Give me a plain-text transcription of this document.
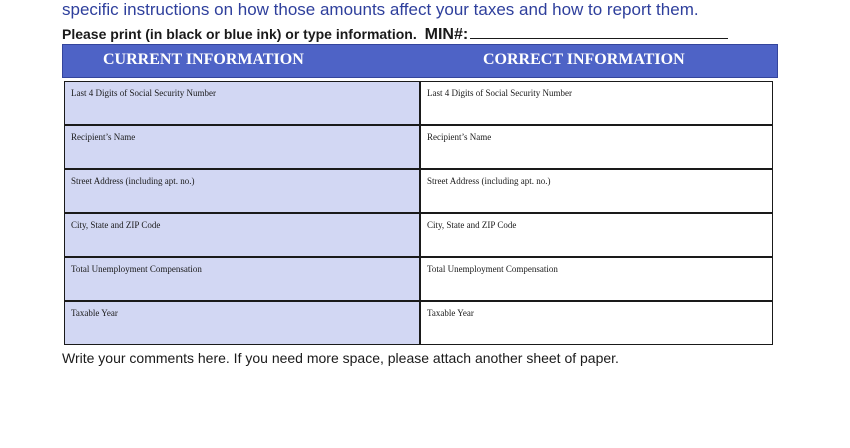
specific instructions on how those amounts affect your taxes and how to report them.
Please print (in black or blue ink) or type information. MIN#:
CURRENT INFORMATION	CORRECT INFORMATION
Last 4 Digits of Social Security Number	Last 4 Digits of Social Security Number
Recipient’s Name	Recipient’s Name
Street Address (including apt. no.)	Street Address (including apt. no.)
City, State and ZIP Code	City, State and ZIP Code
Total Unemployment Compensation	Total Unemployment Compensation
Taxable Year	Taxable Year
Write your comments here. If you need more space, please attach another sheet of paper.
